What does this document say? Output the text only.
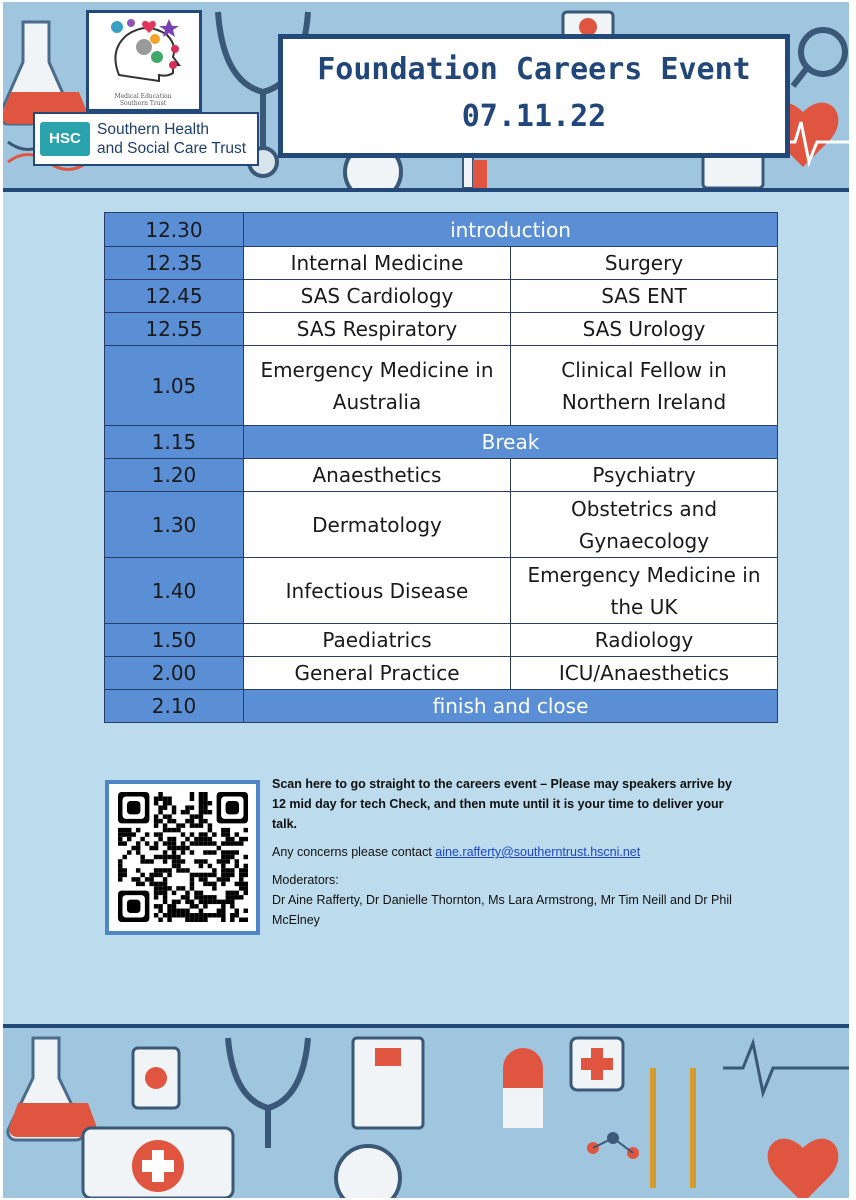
Medical Education
Southern Trust
HSC
Southern Health
and Social Care Trust
Foundation Careers Event
07.11.22
12.30	introduction	
12.35	Internal Medicine	Surgery
12.45	SAS Cardiology	SAS ENT
12.55	SAS Respiratory	SAS Urology
1.05	Emergency Medicine in Australia	Clinical Fellow in Northern Ireland
1.15	Break	
1.20	Anaesthetics	Psychiatry
1.30	Dermatology	Obstetrics and Gynaecology
1.40	Infectious Disease	Emergency Medicine in the UK
1.50	Paediatrics	Radiology
2.00	General Practice	ICU/Anaesthetics
2.10	finish and close	

Scan here to go straight to the careers event – Please may speakers arrive by 12 mid day for tech Check, and then mute until it is your time to deliver your talk.

Any concerns please contact aine.rafferty@southerntrust.hscni.net

Moderators:

Dr Aine Rafferty, Dr Danielle Thornton, Ms Lara Armstrong, Mr Tim Neill and Dr Phil McElney
